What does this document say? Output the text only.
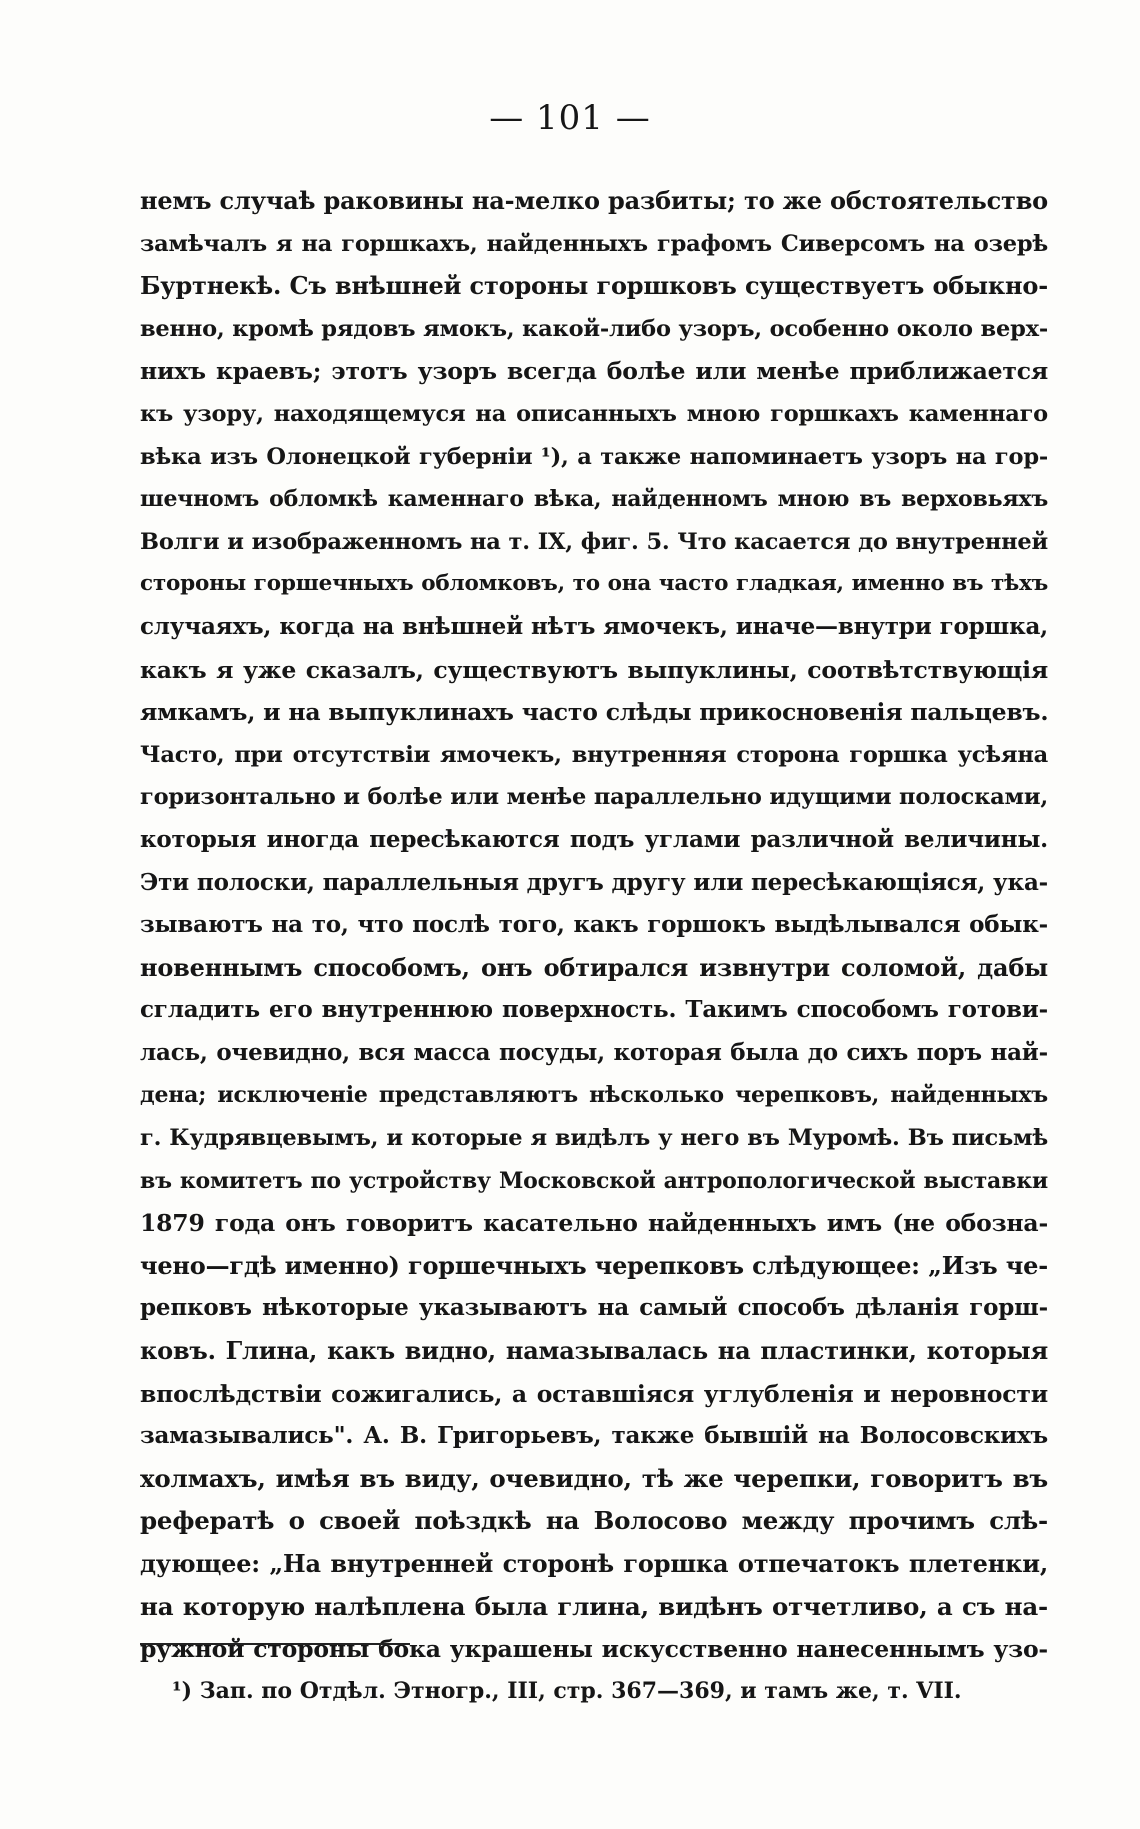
— 101 —
немъ случаѣ раковины на-мелко разбиты; то же обстоятельство
замѣчалъ я на горшкахъ, найденныхъ графомъ Сиверсомъ на озерѣ
Буртнекѣ. Съ внѣшней стороны горшковъ существуетъ обыкно-
венно, кромѣ рядовъ ямокъ, какой-либо узоръ, особенно около верх-
нихъ краевъ; этотъ узоръ всегда болѣе или менѣе приближается
къ узору, находящемуся на описанныхъ мною горшкахъ каменнаго
вѣка изъ Олонецкой губерніи ¹), а также напоминаетъ узоръ на гор-
шечномъ обломкѣ каменнаго вѣка, найденномъ мною въ верховьяхъ
Волги и изображенномъ на т. IX, фиг. 5. Что касается до внутренней
стороны горшечныхъ обломковъ, то она часто гладкая, именно въ тѣхъ
случаяхъ, когда на внѣшней нѣтъ ямочекъ, иначе—внутри горшка,
какъ я уже сказалъ, существуютъ выпуклины, соотвѣтствующія
ямкамъ, и на выпуклинахъ часто слѣды прикосновенія пальцевъ.
Часто, при отсутствіи ямочекъ, внутренняя сторона горшка усѣяна
горизонтально и болѣе или менѣе параллельно идущими полосками,
которыя иногда пересѣкаются подъ углами различной величины.
Эти полоски, параллельныя другъ другу или пересѣкающіяся, ука-
зываютъ на то, что послѣ того, какъ горшокъ выдѣлывался обык-
новеннымъ способомъ, онъ обтирался извнутри соломой, дабы
сгладить его внутреннюю поверхность. Такимъ способомъ готови-
лась, очевидно, вся масса посуды, которая была до сихъ поръ най-
дена; исключеніе представляютъ нѣсколько черепковъ, найденныхъ
г. Кудрявцевымъ, и которые я видѣлъ у него въ Муромѣ. Въ письмѣ
въ комитетъ по устройству Московской антропологической выставки
1879 года онъ говоритъ касательно найденныхъ имъ (не обозна-
чено—гдѣ именно) горшечныхъ черепковъ слѣдующее: „Изъ че-
репковъ нѣкоторые указываютъ на самый способъ дѣланія горш-
ковъ. Глина, какъ видно, намазывалась на пластинки, которыя
впослѣдствіи сожигались, а оставшіяся углубленія и неровности
замазывались". А. В. Григорьевъ, также бывшій на Волосовскихъ
холмахъ, имѣя въ виду, очевидно, тѣ же черепки, говоритъ въ
рефератѣ о своей поѣздкѣ на Волосово между прочимъ слѣ-
дующее: „На внутренней сторонѣ горшка отпечатокъ плетенки,
на которую налѣплена была глина, видѣнъ отчетливо, а съ на-
ружной стороны бока украшены искусственно нанесеннымъ узо-
¹) Зап. по Отдѣл. Этногр., III, стр. 367—369, и тамъ же, т. VII.
